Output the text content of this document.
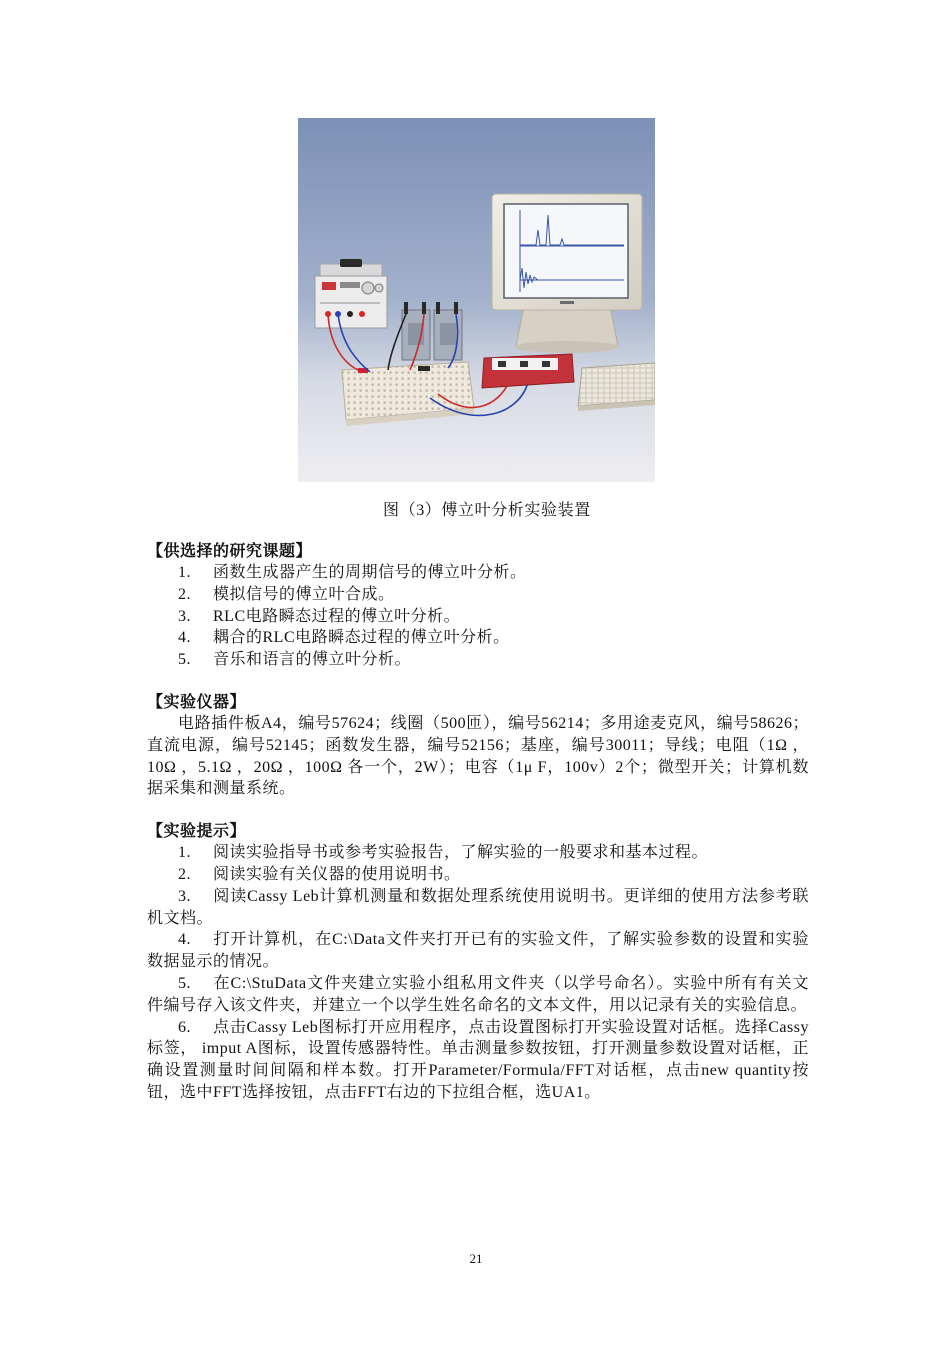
图（3）傅立叶分析实验装置

【供选择的研究课题】

1. 函数生成器产生的周期信号的傅立叶分析。

2. 模拟信号的傅立叶合成。

3. RLC电路瞬态过程的傅立叶分析。

4. 耦合的RLC电路瞬态过程的傅立叶分析。

5. 音乐和语言的傅立叶分析。

【实验仪器】

电路插件板A4，编号57624；线圈（500匝），编号56214；多用途麦克风，编号58626；直流电源，编号52145；函数发生器，编号52156；基座，编号30011；导线；电阻（1Ω ，10Ω ，5.1Ω ，20Ω ，100Ω 各一个，2W）；电容（1μ F，100v）2个；微型开关；计算机数据采集和测量系统。

【实验提示】

1. 阅读实验指导书或参考实验报告，了解实验的一般要求和基本过程。

2. 阅读实验有关仪器的使用说明书。

3. 阅读Cassy Leb计算机测量和数据处理系统使用说明书。更详细的使用方法参考联机文档。

4. 打开计算机，在C:\Data文件夹打开已有的实验文件，了解实验参数的设置和实验数据显示的情况。

5. 在C:\StuData文件夹建立实验小组私用文件夹（以学号命名）。实验中所有有关文件编号存入该文件夹，并建立一个以学生姓名命名的文本文件，用以记录有关的实验信息。

6. 点击Cassy Leb图标打开应用程序，点击设置图标打开实验设置对话框。选择Cassy标签， imput A图标，设置传感器特性。单击测量参数按钮，打开测量参数设置对话框，正确设置测量时间间隔和样本数。打开Parameter/Formula/FFT对话框，点击new quantity按钮，选中FFT选择按钮，点击FFT右边的下拉组合框，选UA1。

21
